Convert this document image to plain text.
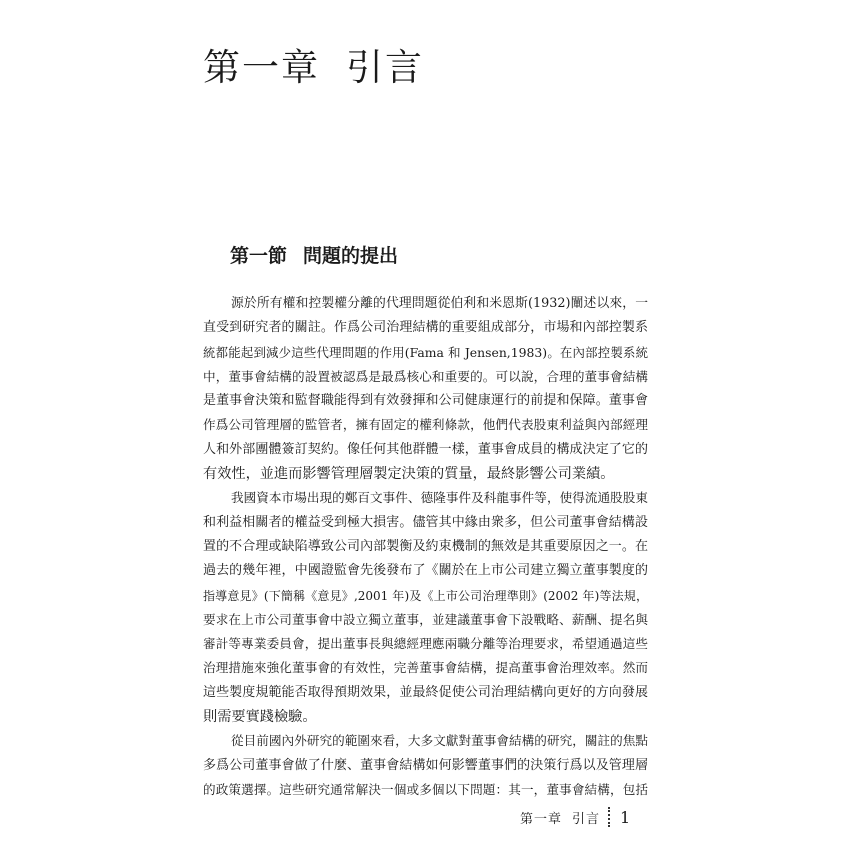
第一章 引言
第一節 問題的提出

源於所有權和控製權分離的代理問題從伯利和米恩斯(1932)闡述以來，一
直受到研究者的關註。作爲公司治理結構的重要組成部分，市場和內部控製系
統都能起到減少這些代理問題的作用(Fama 和 Jensen,1983)。在內部控製系統
中，董事會結構的設置被認爲是最爲核心和重要的。可以說，合理的董事會結構
是董事會決策和監督職能得到有效發揮和公司健康運行的前提和保障。董事會
作爲公司管理層的監管者，擁有固定的權利條款，他們代表股東利益與內部經理
人和外部團體簽訂契約。像任何其他群體一樣，董事會成員的構成決定了它的
有效性，並進而影響管理層製定決策的質量，最終影響公司業績。

我國資本市場出現的鄭百文事件、德隆事件及科龍事件等，使得流通股股東
和利益相關者的權益受到極大損害。儘管其中緣由衆多，但公司董事會結構設
置的不合理或缺陷導致公司內部製衡及約束機制的無效是其重要原因之一。在
過去的幾年裡，中國證監會先後發布了《關於在上市公司建立獨立董事製度的
指導意見》(下簡稱《意見》,2001 年)及《上市公司治理準則》(2002 年)等法規，
要求在上市公司董事會中設立獨立董事，並建議董事會下設戰略、薪酬、提名與
審計等專業委員會，提出董事長與總經理應兩職分離等治理要求，希望通過這些
治理措施來強化董事會的有效性，完善董事會結構，提高董事會治理效率。然而
這些製度規範能否取得預期效果，並最終促使公司治理結構向更好的方向發展
則需要實踐檢驗。

從目前國內外研究的範圍來看，大多文獻對董事會結構的研究，關註的焦點
多爲公司董事會做了什麼、董事會結構如何影響董事們的決策行爲以及管理層
的政策選擇。這些研究通常解決一個或多個以下問題：其一，董事會結構，包括

第一章 引言 1
